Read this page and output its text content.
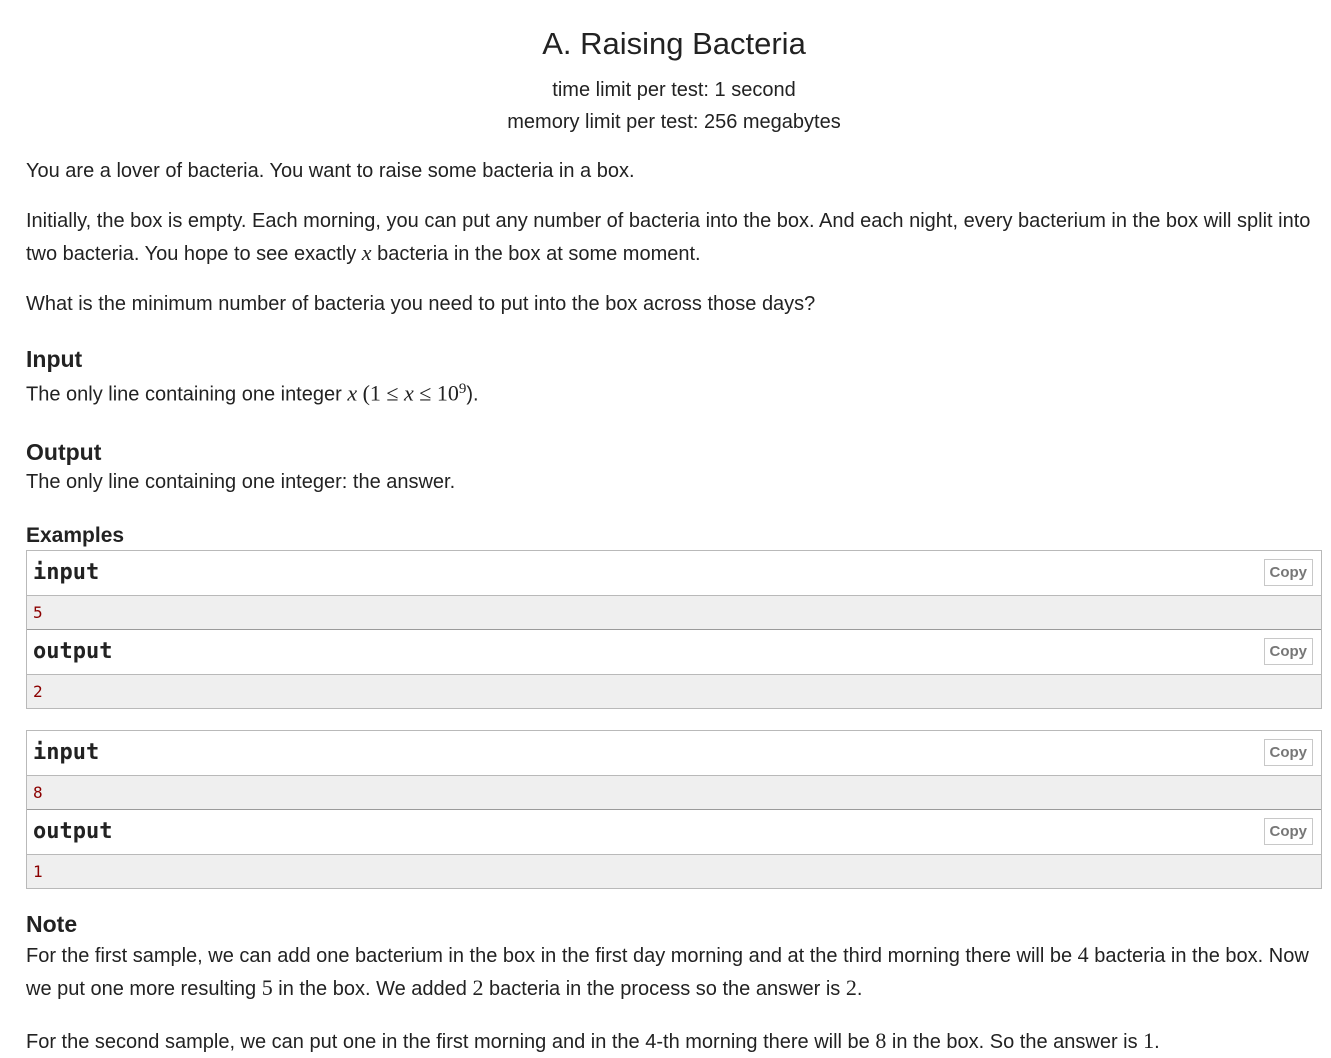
A. Raising Bacteria
time limit per test: 1 second
memory limit per test: 256 megabytes

You are a lover of bacteria. You want to raise some bacteria in a box.

Initially, the box is empty. Each morning, you can put any number of bacteria into the box. And each night, every bacterium in the box will split into two bacteria. You hope to see exactly x bacteria in the box at some moment.

What is the minimum number of bacteria you need to put into the box across those days?

Input

The only line containing one integer x $(1 \le x \le 10^9)$.

Output

The only line containing one integer: the answer.

Examples
input	Copy
5
output	Copy
2
input	Copy
8
output	Copy
1
Note

For the first sample, we can add one bacterium in the box in the first day morning and at the third morning there will be 4 bacteria in the box. Now we put one more resulting 5 in the box. We added 2 bacteria in the process so the answer is 2.

For the second sample, we can put one in the first morning and in the 4-th morning there will be 8 in the box. So the answer is 1.
